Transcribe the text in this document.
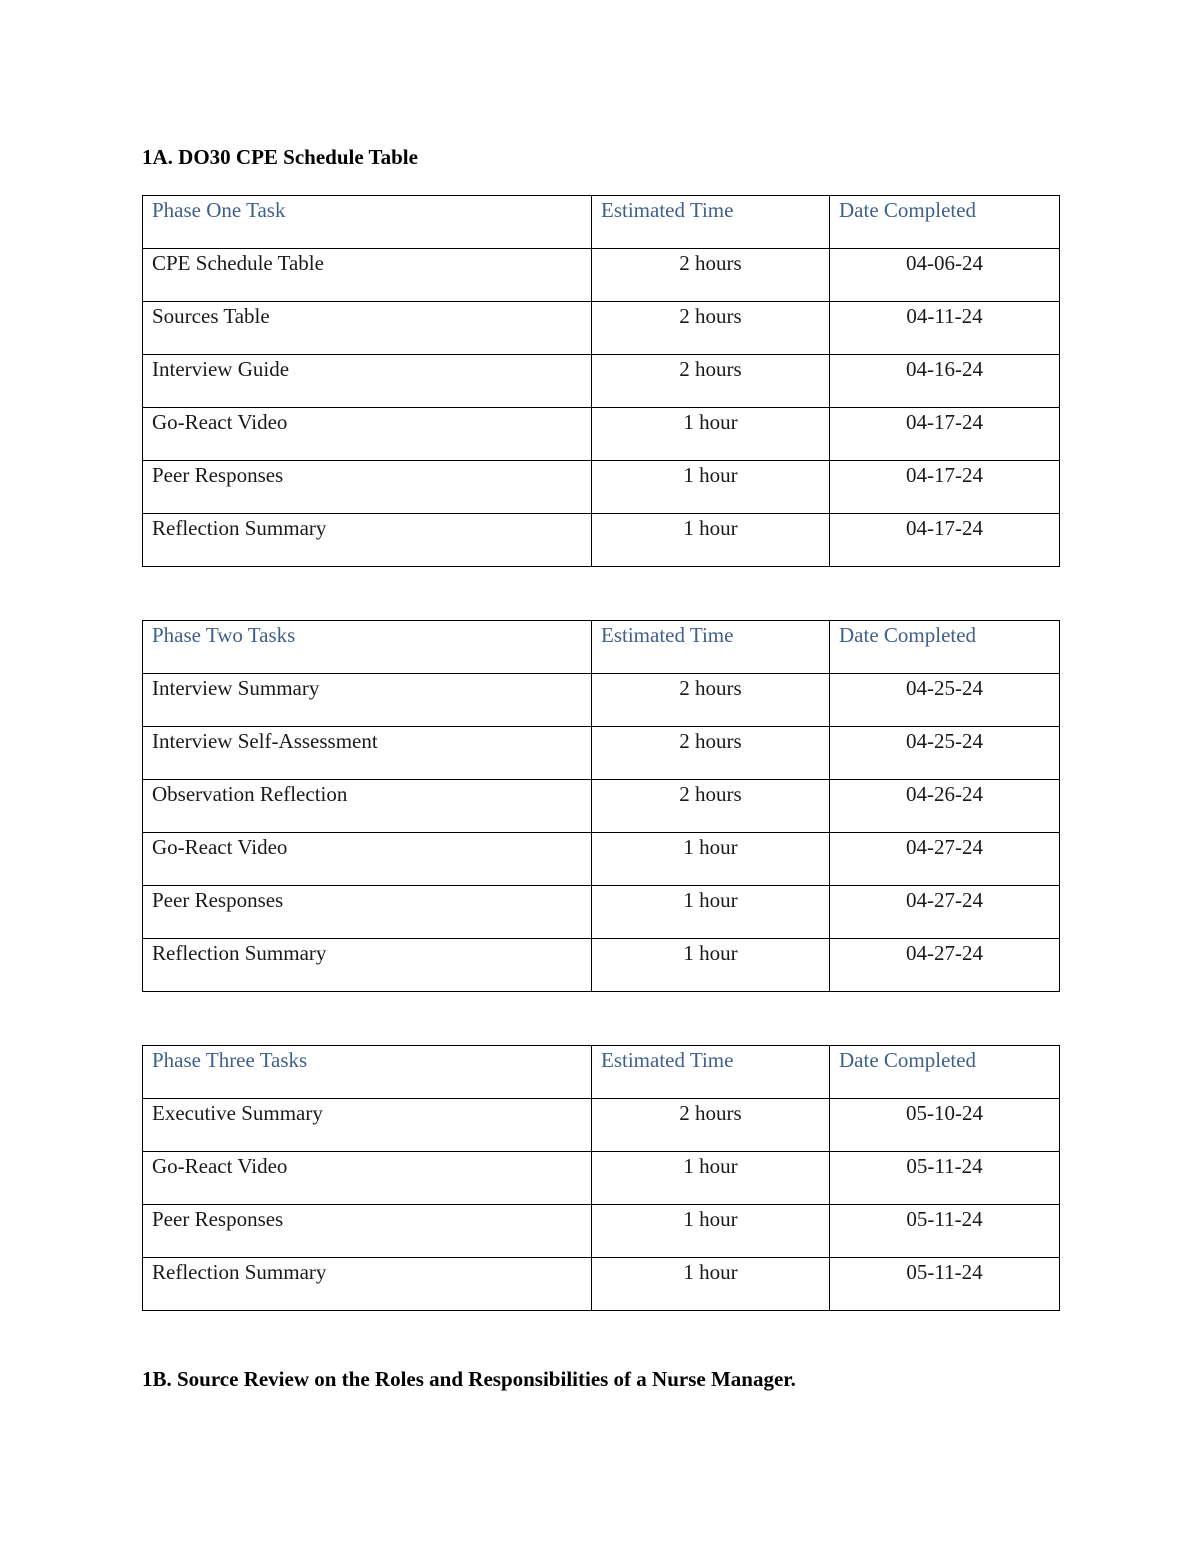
1A. DO30 CPE Schedule Table
Phase One Task	Estimated Time	Date Completed
CPE Schedule Table	2 hours	04-06-24
Sources Table	2 hours	04-11-24
Interview Guide	2 hours	04-16-24
Go-React Video	1 hour	04-17-24
Peer Responses	1 hour	04-17-24
Reflection Summary	1 hour	04-17-24
Phase Two Tasks	Estimated Time	Date Completed
Interview Summary	2 hours	04-25-24
Interview Self-Assessment	2 hours	04-25-24
Observation Reflection	2 hours	04-26-24
Go-React Video	1 hour	04-27-24
Peer Responses	1 hour	04-27-24
Reflection Summary	1 hour	04-27-24
Phase Three Tasks	Estimated Time	Date Completed
Executive Summary	2 hours	05-10-24
Go-React Video	1 hour	05-11-24
Peer Responses	1 hour	05-11-24
Reflection Summary	1 hour	05-11-24
1B. Source Review on the Roles and Responsibilities of a Nurse Manager.
